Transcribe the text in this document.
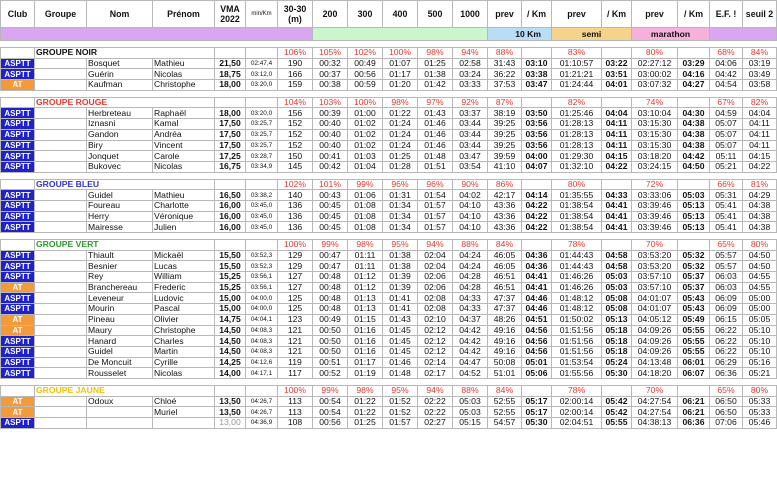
Club	Groupe	Nom	Prénom	VMA 2022	min/Km	30-30 (m)	200	300	400	500	1000	prev	/ Km	prev	/ Km	prev	/ Km	E.F. !	seuil 2
												10 Km		semi		marathon			

	GROUPE NOIR					106%	105%	102%	100%	98%	94%	88%		83%		80%		68%	84%
ASPTT		Bosquet	Mathieu	21,50	02:47,4	190	00:32	00:49	01:07	01:25	02:58	31:43	03:10	01:10:57	03:22	02:27:12	03:29	04:06	03:19
ASPTT		Guérin	Nicolas	18,75	03:12,0	166	00:37	00:56	01:17	01:38	03:24	36:22	03:38	01:21:21	03:51	03:00:02	04:16	04:42	03:49
AT		Kaufman	Christophe	18,00	03:20,0	159	00:38	00:59	01:20	01:42	03:33	37:53	03:47	01:24:44	04:01	03:07:32	04:27	04:54	03:58

	GROUPE ROUGE					104%	103%	100%	98%	97%	92%	87%		82%		74%		67%	82%
ASPTT		Herbreteau	Raphaël	18,00	03:20,0	156	00:39	01:00	01:22	01:43	03:37	38:19	03:50	01:25:46	04:04	03:10:04	04:30	04:59	04:04
ASPTT		Iznasni	Kamal	17,50	03:25,7	152	00:40	01:02	01:24	01:46	03:44	39:25	03:56	01:28:13	04:11	03:15:30	04:38	05:07	04:11
ASPTT		Gandon	Andréa	17,50	03:25,7	152	00:40	01:02	01:24	01:46	03:44	39:25	03:56	01:28:13	04:11	03:15:30	04:38	05:07	04:11
ASPTT		Biry	Vincent	17,50	03:25,7	152	00:40	01:02	01:24	01:46	03:44	39:25	03:56	01:28:13	04:11	03:15:30	04:38	05:07	04:11
ASPTT		Jonquet	Carole	17,25	03:28,7	150	00:41	01:03	01:25	01:48	03:47	39:59	04:00	01:29:30	04:15	03:18:20	04:42	05:11	04:15
ASPTT		Bukovec	Nicolas	16,75	03:34,9	145	00:42	01:04	01:28	01:51	03:54	41:10	04:07	01:32:10	04:22	03:24:15	04:50	05:21	04:22

	GROUPE BLEU					102%	101%	99%	96%	96%	90%	86%		80%		72%		66%	81%
ASPTT		Guidel	Mathieu	16,50	03:38,2	140	00:43	01:06	01:31	01:54	04:02	42:17	04:14	01:35:55	04:33	03:33:06	05:03	05:31	04:29
ASPTT		Foureau	Charlotte	16,00	03:45,0	136	00:45	01:08	01:34	01:57	04:10	43:36	04:22	01:38:54	04:41	03:39:46	05:13	05:41	04:38
ASPTT		Herry	Véronique	16,00	03:45,0	136	00:45	01:08	01:34	01:57	04:10	43:36	04:22	01:38:54	04:41	03:39:46	05:13	05:41	04:38
ASPTT		Mairesse	Julien	16,00	03:45,0	136	00:45	01:08	01:34	01:57	04:10	43:36	04:22	01:38:54	04:41	03:39:46	05:13	05:41	04:38

	GROUPE VERT					100%	99%	98%	95%	94%	88%	84%		78%		70%		65%	80%
ASPTT		Thiault	Mickaël	15,50	03:52,3	129	00:47	01:11	01:38	02:04	04:24	46:05	04:36	01:44:43	04:58	03:53:20	05:32	05:57	04:50
ASPTT		Besnier	Lucas	15,50	03:52,3	129	00:47	01:11	01:38	02:04	04:24	46:05	04:36	01:44:43	04:58	03:53:20	05:32	05:57	04:50
ASPTT		Rey	William	15,25	03:56,1	127	00:48	01:12	01:39	02:06	04:28	46:51	04:41	01:46:26	05:03	03:57:10	05:37	06:03	04:55
AT		Branchereau	Frederic	15,25	03:56,1	127	00:48	01:12	01:39	02:06	04:28	46:51	04:41	01:46:26	05:03	03:57:10	05:37	06:03	04:55
ASPTT		Leveneur	Ludovic	15,00	04:00,0	125	00:48	01:13	01:41	02:08	04:33	47:37	04:46	01:48:12	05:08	04:01:07	05:43	06:09	05:00
ASPTT		Mourin	Pascal	15,00	04:00,0	125	00:48	01:13	01:41	02:08	04:33	47:37	04:46	01:48:12	05:08	04:01:07	05:43	06:09	05:00
AT		Pineau	Olivier	14,75	04:04,1	123	00:49	01:15	01:43	02:10	04:37	48:26	04:51	01:50:02	05:13	04:05:12	05:49	06:15	05:05
AT		Maury	Christophe	14,50	04:08,3	121	00:50	01:16	01:45	02:12	04:42	49:16	04:56	01:51:56	05:18	04:09:26	05:55	06:22	05:10
ASPTT		Hanard	Charles	14,50	04:08,3	121	00:50	01:16	01:45	02:12	04:42	49:16	04:56	01:51:56	05:18	04:09:26	05:55	06:22	05:10
ASPTT		Guidel	Martin	14,50	04:08,3	121	00:50	01:16	01:45	02:12	04:42	49:16	04:56	01:51:56	05:18	04:09:26	05:55	06:22	05:10
ASPTT		De Moncuit	Cyrille	14,25	04:12,6	119	00:51	01:17	01:46	02:14	04:47	50:08	05:01	01:53:54	05:24	04:13:48	06:01	06:29	05:16
ASPTT		Rousselet	Nicolas	14,00	04:17,1	117	00:52	01:19	01:48	02:17	04:52	51:01	05:06	01:55:56	05:30	04:18:20	06:07	06:36	05:21

	GROUPE JAUNE					100%	99%	98%	95%	94%	88%	84%		78%		70%		65%	80%
AT		Odoux	Chloé	13,50	04:26,7	113	00:54	01:22	01:52	02:22	05:03	52:55	05:17	02:00:14	05:42	04:27:54	06:21	06:50	05:33
AT			Muriel	13,50	04:26,7	113	00:54	01:22	01:52	02:22	05:03	52:55	05:17	02:00:14	05:42	04:27:54	06:21	06:50	05:33
ASPTT				13,00	04:36,9	108	00:56	01:25	01:57	02:27	05:15	54:57	05:30	02:04:51	05:55	04:38:13	06:36	07:06	05:46
